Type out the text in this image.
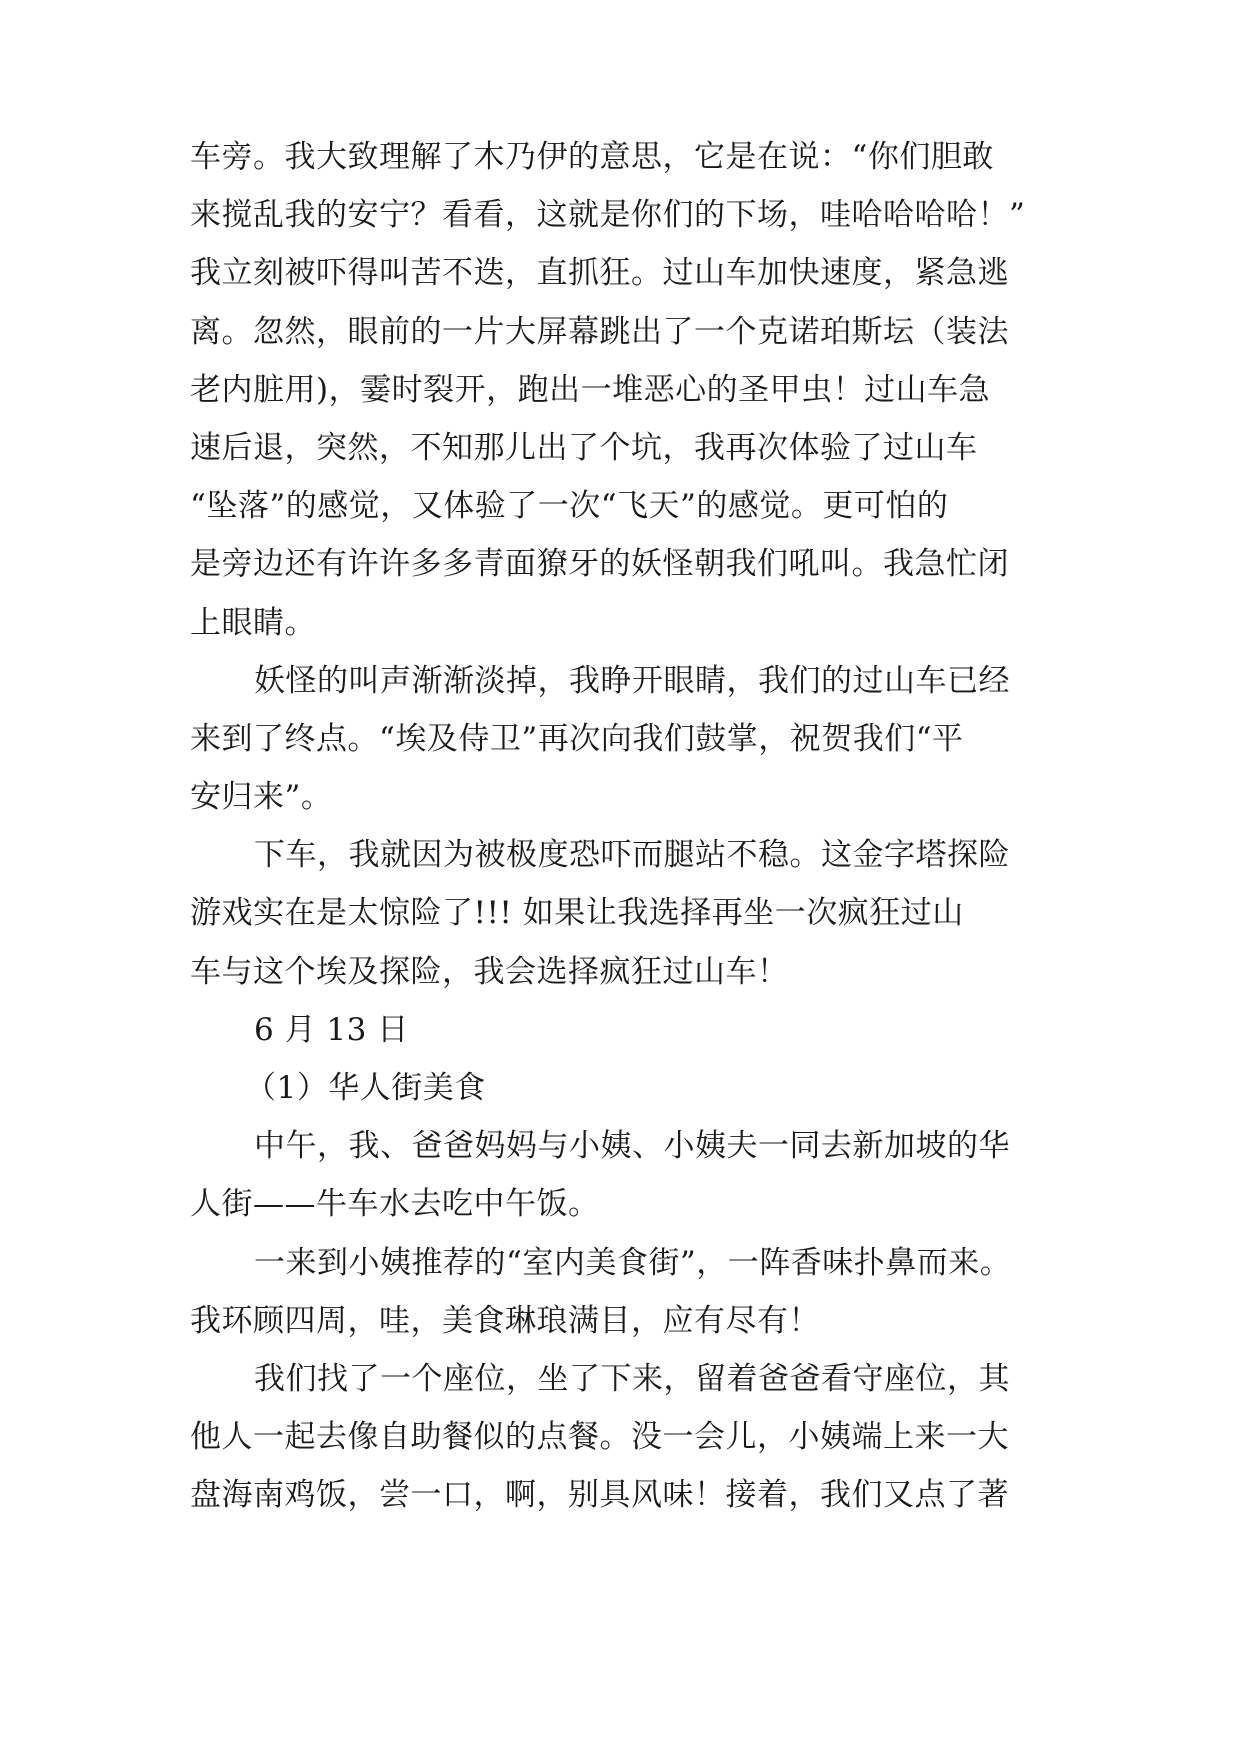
车旁。我大致理解了木乃伊的意思，它是在说：“你们胆敢
来搅乱我的安宁？看看，这就是你们的下场，哇哈哈哈哈！”
我立刻被吓得叫苦不迭，直抓狂。过山车加快速度，紧急逃
离。忽然，眼前的一片大屏幕跳出了一个克诺珀斯坛（装法
老内脏用)，霎时裂开，跑出一堆恶心的圣甲虫！过山车急
速后退，突然，不知那儿出了个坑，我再次体验了过山车
“坠落”的感觉，又体验了一次“飞天”的感觉。更可怕的
是旁边还有许许多多青面獠牙的妖怪朝我们吼叫。我急忙闭
上眼睛。
妖怪的叫声渐渐淡掉，我睁开眼睛，我们的过山车已经
来到了终点。“埃及侍卫”再次向我们鼓掌，祝贺我们“平
安归来”。
下车，我就因为被极度恐吓而腿站不稳。这金字塔探险
游戏实在是太惊险了!!! 如果让我选择再坐一次疯狂过山
车与这个埃及探险，我会选择疯狂过山车！
6 月 13 日
（1）华人街美食
中午，我、爸爸妈妈与小姨、小姨夫一同去新加坡的华
人街——牛车水去吃中午饭。
一来到小姨推荐的“室内美食街”，一阵香味扑鼻而来。
我环顾四周，哇，美食琳琅满目，应有尽有！
我们找了一个座位，坐了下来，留着爸爸看守座位，其
他人一起去像自助餐似的点餐。没一会儿，小姨端上来一大
盘海南鸡饭，尝一口，啊，别具风味！接着，我们又点了著
